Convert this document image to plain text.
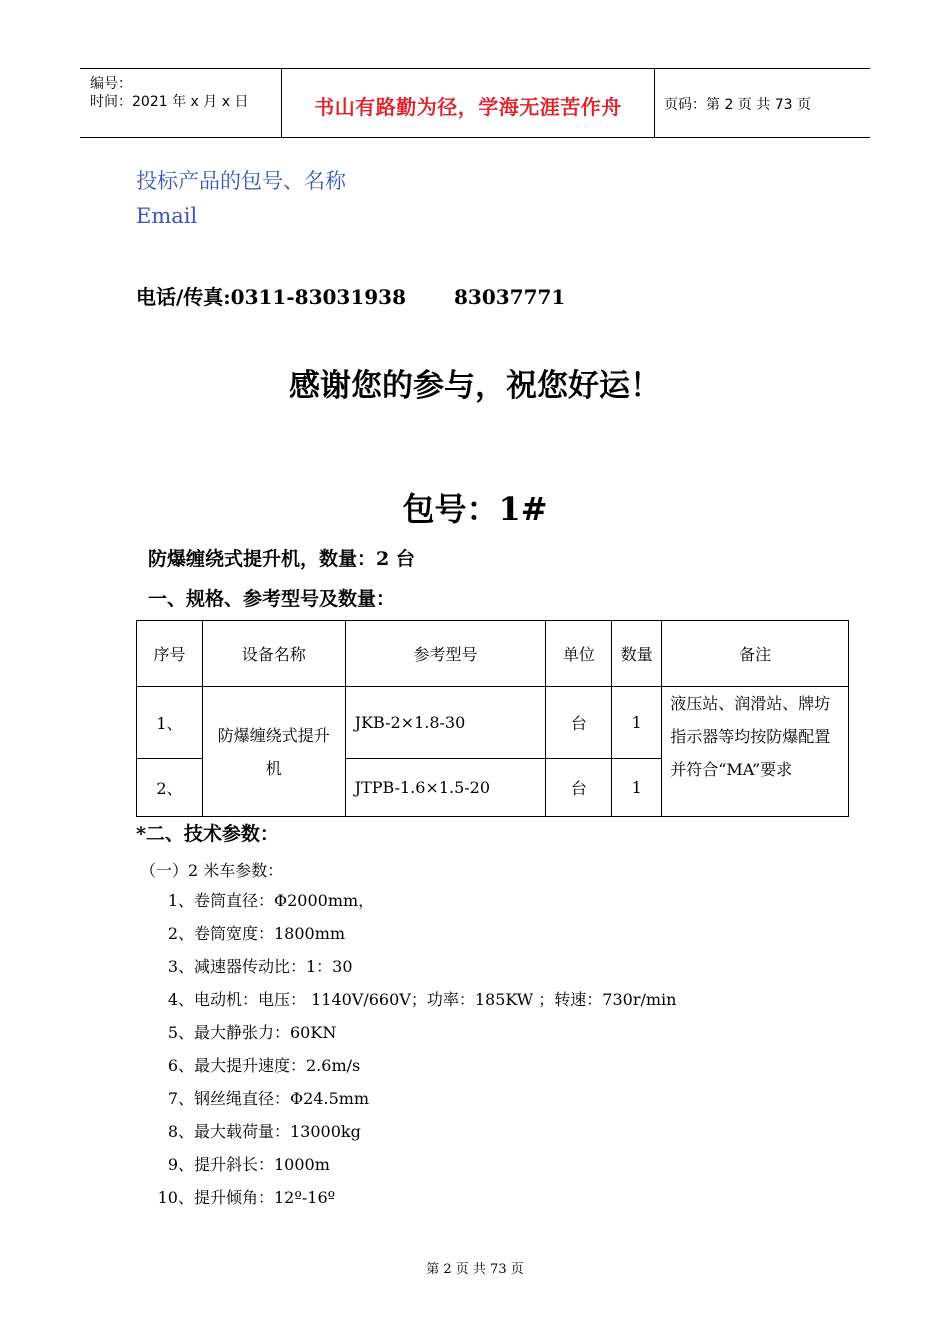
编号：
时间：2021 年 x 月 x 日	书山有路勤为径，学海无涯苦作舟	页码：第 2 页 共 73 页
投标产品的包号、名称
Email
电话/传真:0311-83031938 83037771
感谢您的参与，祝您好运！
包号：1#
防爆缠绕式提升机，数量：2 台
一、规格、参考型号及数量：
序号	设备名称	参考型号	单位	数量	备注
1、	防爆缠绕式提升机	JKB-2×1.8-30	台	1	液压站、润滑站、牌坊指示器等均按防爆配置并符合“MA”要求
2、		JTPB-1.6×1.5-20	台	1	
*二、技术参数：
（一）2 米车参数：
1、卷筒直径：Φ2000mm，
2、卷筒宽度：1800mm
3、减速器传动比：1：30
4、电动机：电压： 1140V/660V；功率：185KW ；转速：730r/min
5、最大静张力：60KN
6、最大提升速度：2.6m/s
7、钢丝绳直径：Φ24.5mm
8、最大载荷量：13000kg
9、提升斜长：1000m
10、提升倾角：12º-16º
第 2 页 共 73 页
